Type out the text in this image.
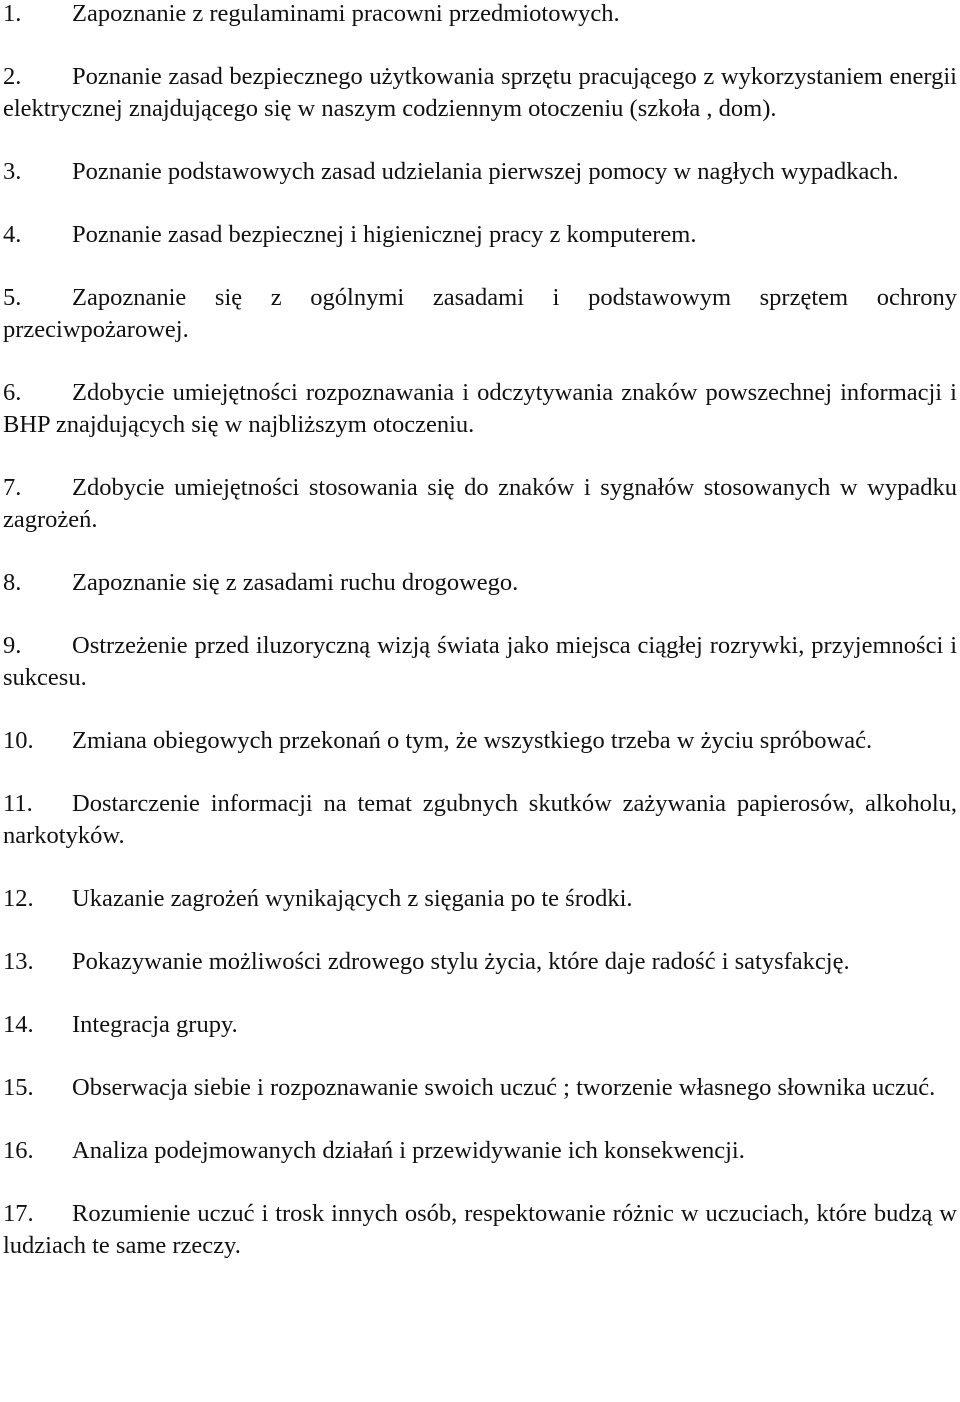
1. Zapoznanie z regulaminami pracowni przedmiotowych.

2. Poznanie zasad bezpiecznego użytkowania sprzętu pracującego z wykorzystaniem energii elektrycznej znajdującego się w naszym codziennym otoczeniu (szkoła , dom).

3. Poznanie podstawowych zasad udzielania pierwszej pomocy w nagłych wypadkach.

4. Poznanie zasad bezpiecznej i higienicznej pracy z komputerem.

5. Zapoznanie się z ogólnymi zasadami i podstawowym sprzętem ochrony przeciwpożarowej.

6. Zdobycie umiejętności rozpoznawania i odczytywania znaków powszechnej informacji i BHP znajdujących się w najbliższym otoczeniu.

7. Zdobycie umiejętności stosowania się do znaków i sygnałów stosowanych w wypadku zagrożeń.

8. Zapoznanie się z zasadami ruchu drogowego.

9. Ostrzeżenie przed iluzoryczną wizją świata jako miejsca ciągłej rozrywki, przyjemności i sukcesu.

10. Zmiana obiegowych przekonań o tym, że wszystkiego trzeba w życiu spróbować.

11. Dostarczenie informacji na temat zgubnych skutków zażywania papierosów, alkoholu, narkotyków.

12. Ukazanie zagrożeń wynikających z sięgania po te środki.

13. Pokazywanie możliwości zdrowego stylu życia, które daje radość i satysfakcję.

14. Integracja grupy.

15. Obserwacja siebie i rozpoznawanie swoich uczuć ; tworzenie własnego słownika uczuć.

16. Analiza podejmowanych działań i przewidywanie ich konsekwencji.

17. Rozumienie uczuć i trosk innych osób, respektowanie różnic w uczuciach, które budzą w ludziach te same rzeczy.
